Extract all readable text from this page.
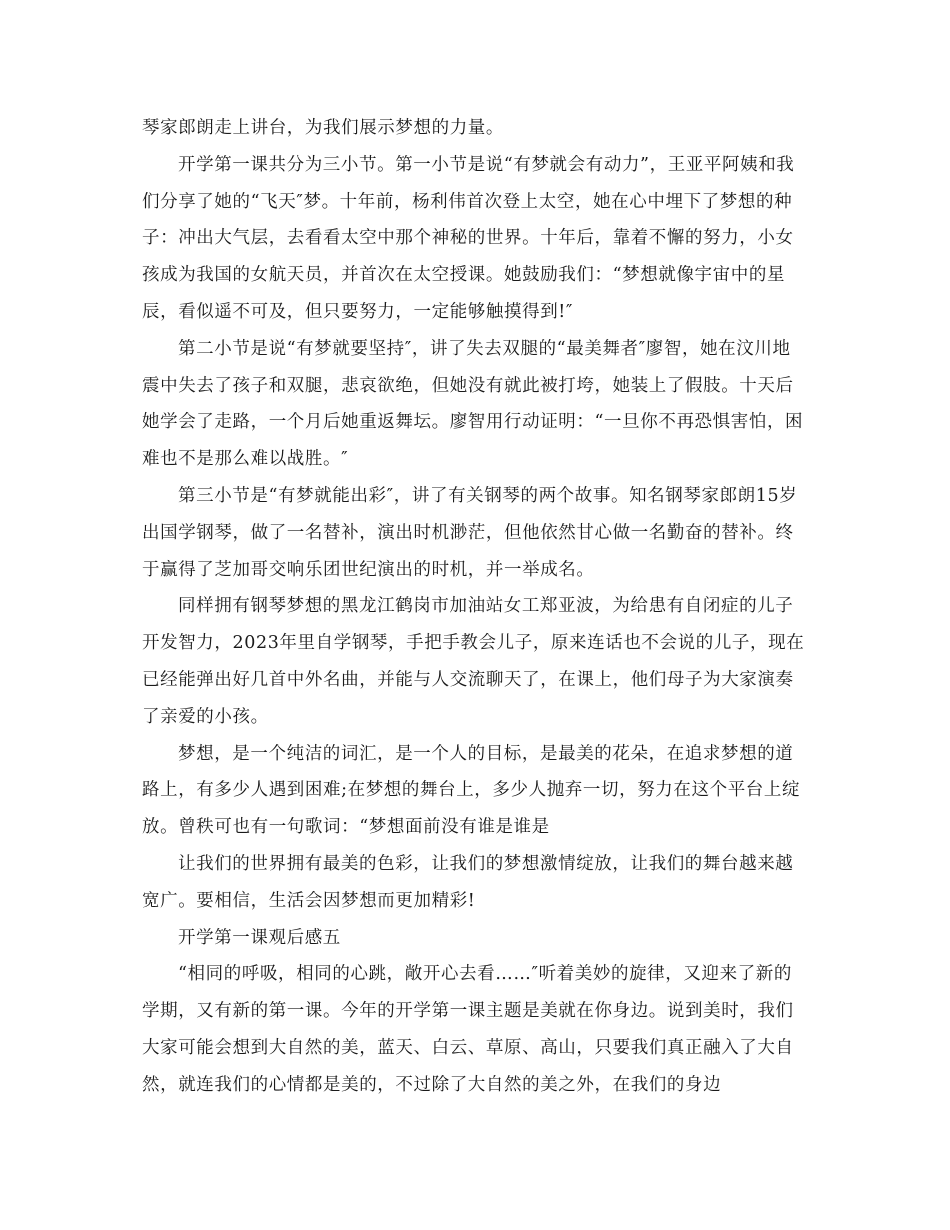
琴家郎朗走上讲台，为我们展示梦想的力量。

开学第一课共分为三小节。第一小节是说“有梦就会有动力”，王亚平阿姨和我们分享了她的“飞天″梦。十年前，杨利伟首次登上太空，她在心中埋下了梦想的种子：冲出大气层，去看看太空中那个神秘的世界。十年后，靠着不懈的努力，小女孩成为我国的女航天员，并首次在太空授课。她鼓励我们：“梦想就像宇宙中的星辰，看似遥不可及，但只要努力，一定能够触摸得到!″

第二小节是说“有梦就要坚持″，讲了失去双腿的“最美舞者″廖智，她在汶川地震中失去了孩子和双腿，悲哀欲绝，但她没有就此被打垮，她装上了假肢。十天后她学会了走路，一个月后她重返舞坛。廖智用行动证明：“一旦你不再恐惧害怕，困难也不是那么难以战胜。″

第三小节是“有梦就能出彩″，讲了有关钢琴的两个故事。知名钢琴家郎朗15岁出国学钢琴，做了一名替补，演出时机渺茫，但他依然甘心做一名勤奋的替补。终于赢得了芝加哥交响乐团世纪演出的时机，并一举成名。

同样拥有钢琴梦想的黑龙江鹤岗市加油站女工郑亚波，为给患有自闭症的儿子开发智力，2023年里自学钢琴，手把手教会儿子，原来连话也不会说的儿子，现在已经能弹出好几首中外名曲，并能与人交流聊天了，在课上，他们母子为大家演奏了亲爱的小孩。

梦想，是一个纯洁的词汇，是一个人的目标，是最美的花朵，在追求梦想的道路上，有多少人遇到困难;在梦想的舞台上，多少人抛弃一切，努力在这个平台上绽放。曾秩可也有一句歌词：“梦想面前没有谁是谁是

让我们的世界拥有最美的色彩，让我们的梦想激情绽放，让我们的舞台越来越宽广。要相信，生活会因梦想而更加精彩!

开学第一课观后感五

“相同的呼吸，相同的心跳，敞开心去看……″听着美妙的旋律，又迎来了新的学期，又有新的第一课。今年的开学第一课主题是美就在你身边。说到美时，我们大家可能会想到大自然的美，蓝天、白云、草原、高山，只要我们真正融入了大自然，就连我们的心情都是美的，不过除了大自然的美之外，在我们的身边
